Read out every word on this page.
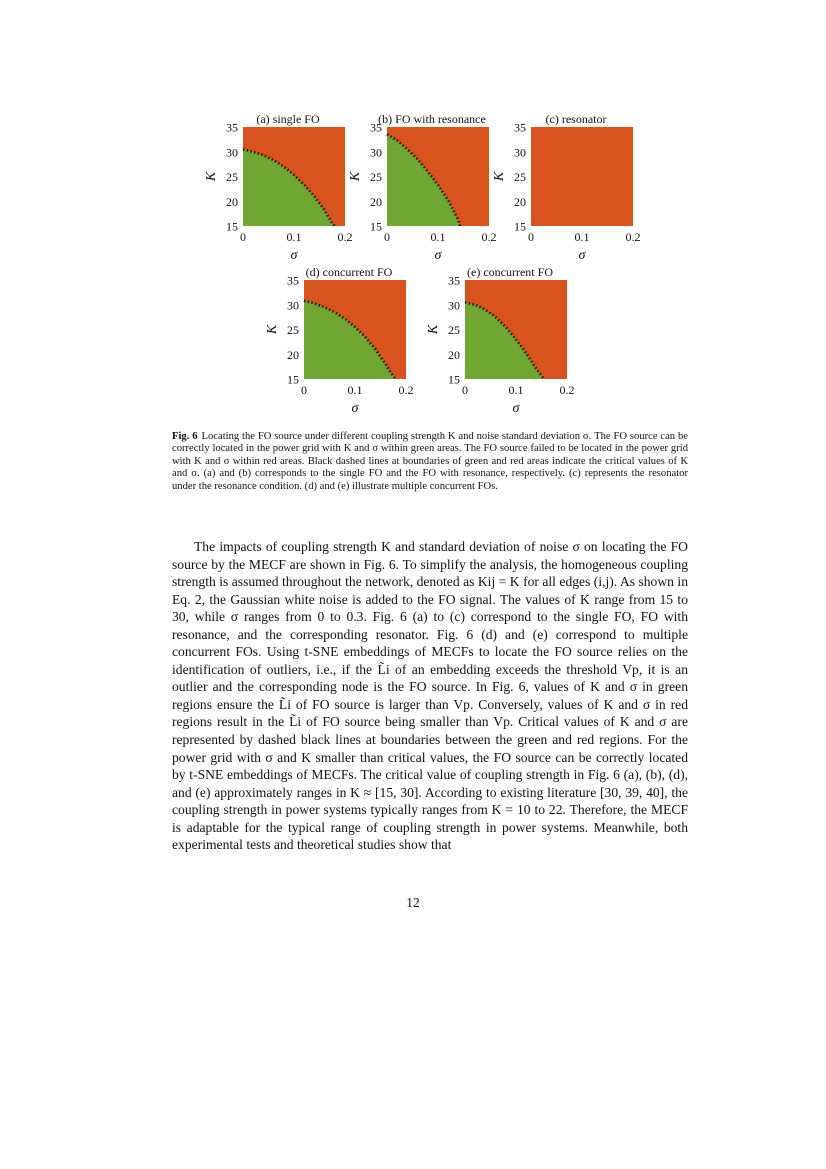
(a) single FO
15
20
25
30
35
0	0.1	0.2
K
σ
(b) FO with resonance
15
20
25
30
35
0	0.1	0.2
K
σ
(c) resonator
15
20
25
30
35
0	0.1	0.2
K
σ
(d) concurrent FO
15
20
25
30
35
0	0.1	0.2
K
σ
(e) concurrent FO
15
20
25
30
35
0	0.1	0.2
K
σ
Fig. 6 Locating the FO source under different coupling strength K and noise standard deviation σ. The FO source can be correctly located in the power grid with K and σ within green areas. The FO source failed to be located in the power grid with K and σ within red areas. Black dashed lines at boundaries of green and red areas indicate the critical values of K and σ. (a) and (b) corresponds to the single FO and the FO with resonance, respectively. (c) represents the resonator under the resonance condition. (d) and (e) illustrate multiple concurrent FOs.

The impacts of coupling strength K and standard deviation of noise σ on locating the FO source by the MECF are shown in Fig. 6. To simplify the analysis, the homogeneous coupling strength is assumed throughout the network, denoted as Kij = K for all edges (i,j). As shown in Eq. 2, the Gaussian white noise is added to the FO signal. The values of K range from 15 to 30, while σ ranges from 0 to 0.3. Fig. 6 (a) to (c) correspond to the single FO, FO with resonance, and the corresponding resonator. Fig. 6 (d) and (e) correspond to multiple concurrent FOs. Using t-SNE embeddings of MECFs to locate the FO source relies on the identification of outliers, i.e., if the L̃i of an embedding exceeds the threshold Vp, it is an outlier and the corresponding node is the FO source. In Fig. 6, values of K and σ in green regions ensure the L̃i of FO source is larger than Vp. Conversely, values of K and σ in red regions result in the L̃i of FO source being smaller than Vp. Critical values of K and σ are represented by dashed black lines at boundaries between the green and red regions. For the power grid with σ and K smaller than critical values, the FO source can be correctly located by t-SNE embeddings of MECFs. The critical value of coupling strength in Fig. 6 (a), (b), (d), and (e) approximately ranges in K ≈ [15, 30]. According to existing literature [30, 39, 40], the coupling strength in power systems typically ranges from K = 10 to 22. Therefore, the MECF is adaptable for the typical range of coupling strength in power systems. Meanwhile, both experimental tests and theoretical studies show that

12
